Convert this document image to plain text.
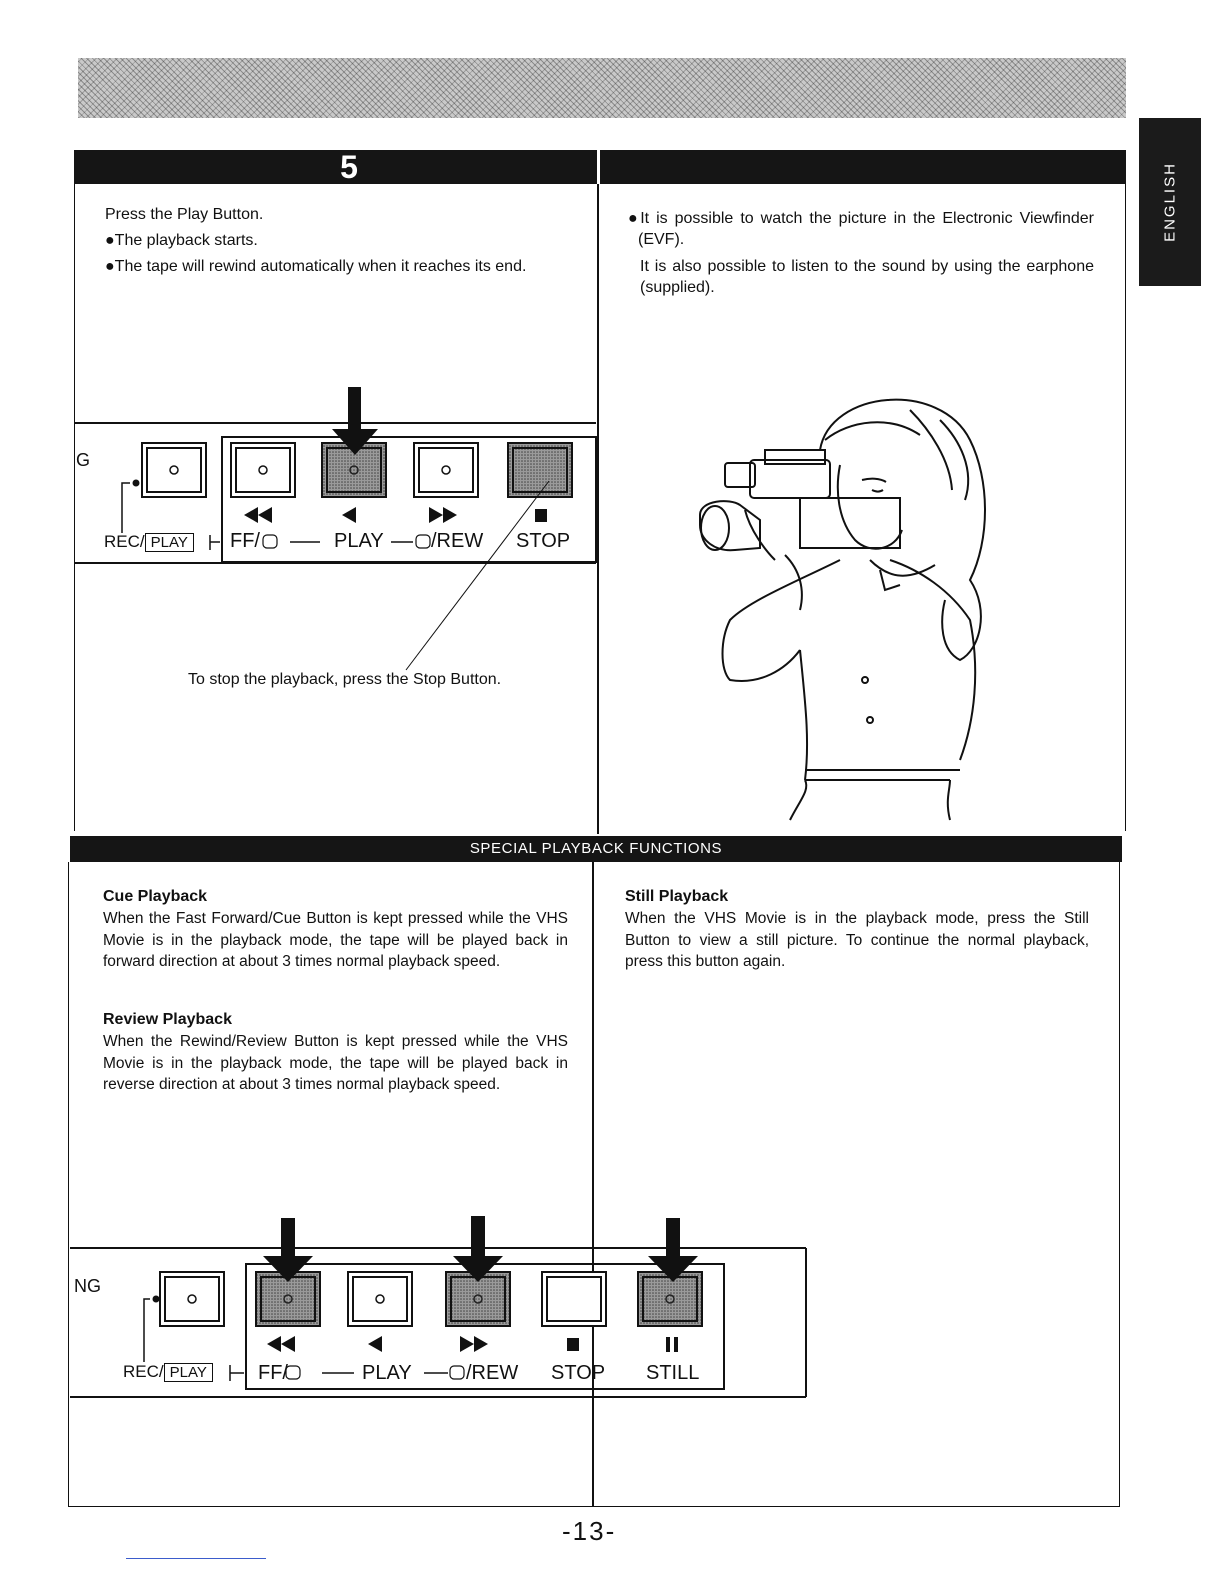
ENGLISH
5

Press the Play Button.

●The playback starts.

●The tape will rewind automatically when it reaches its end.

●It is possible to watch the picture in the Electronic Viewfinder (EVF).

It is also possible to listen to the sound by using the earphone (supplied).

G
REC/ PLAY	FF/	PLAY /REW STOP
To stop the playback, press the Stop Button.
SPECIAL PLAYBACK FUNCTIONS
Cue Playback

When the Fast Forward/Cue Button is kept pressed while the VHS Movie is in the playback mode, the tape will be played back in forward direction at about 3 times normal playback speed.

Review Playback

When the Rewind/Review Button is kept pressed while the VHS Movie is in the playback mode, the tape will be played back in reverse direction at about 3 times normal playback speed.

Still Playback

When the VHS Movie is in the playback mode, press the Still Button to view a still picture. To continue the normal playback, press this button again.

NG
REC/ PLAY	FF/	PLAY	/REW STOP STILL
-13-
